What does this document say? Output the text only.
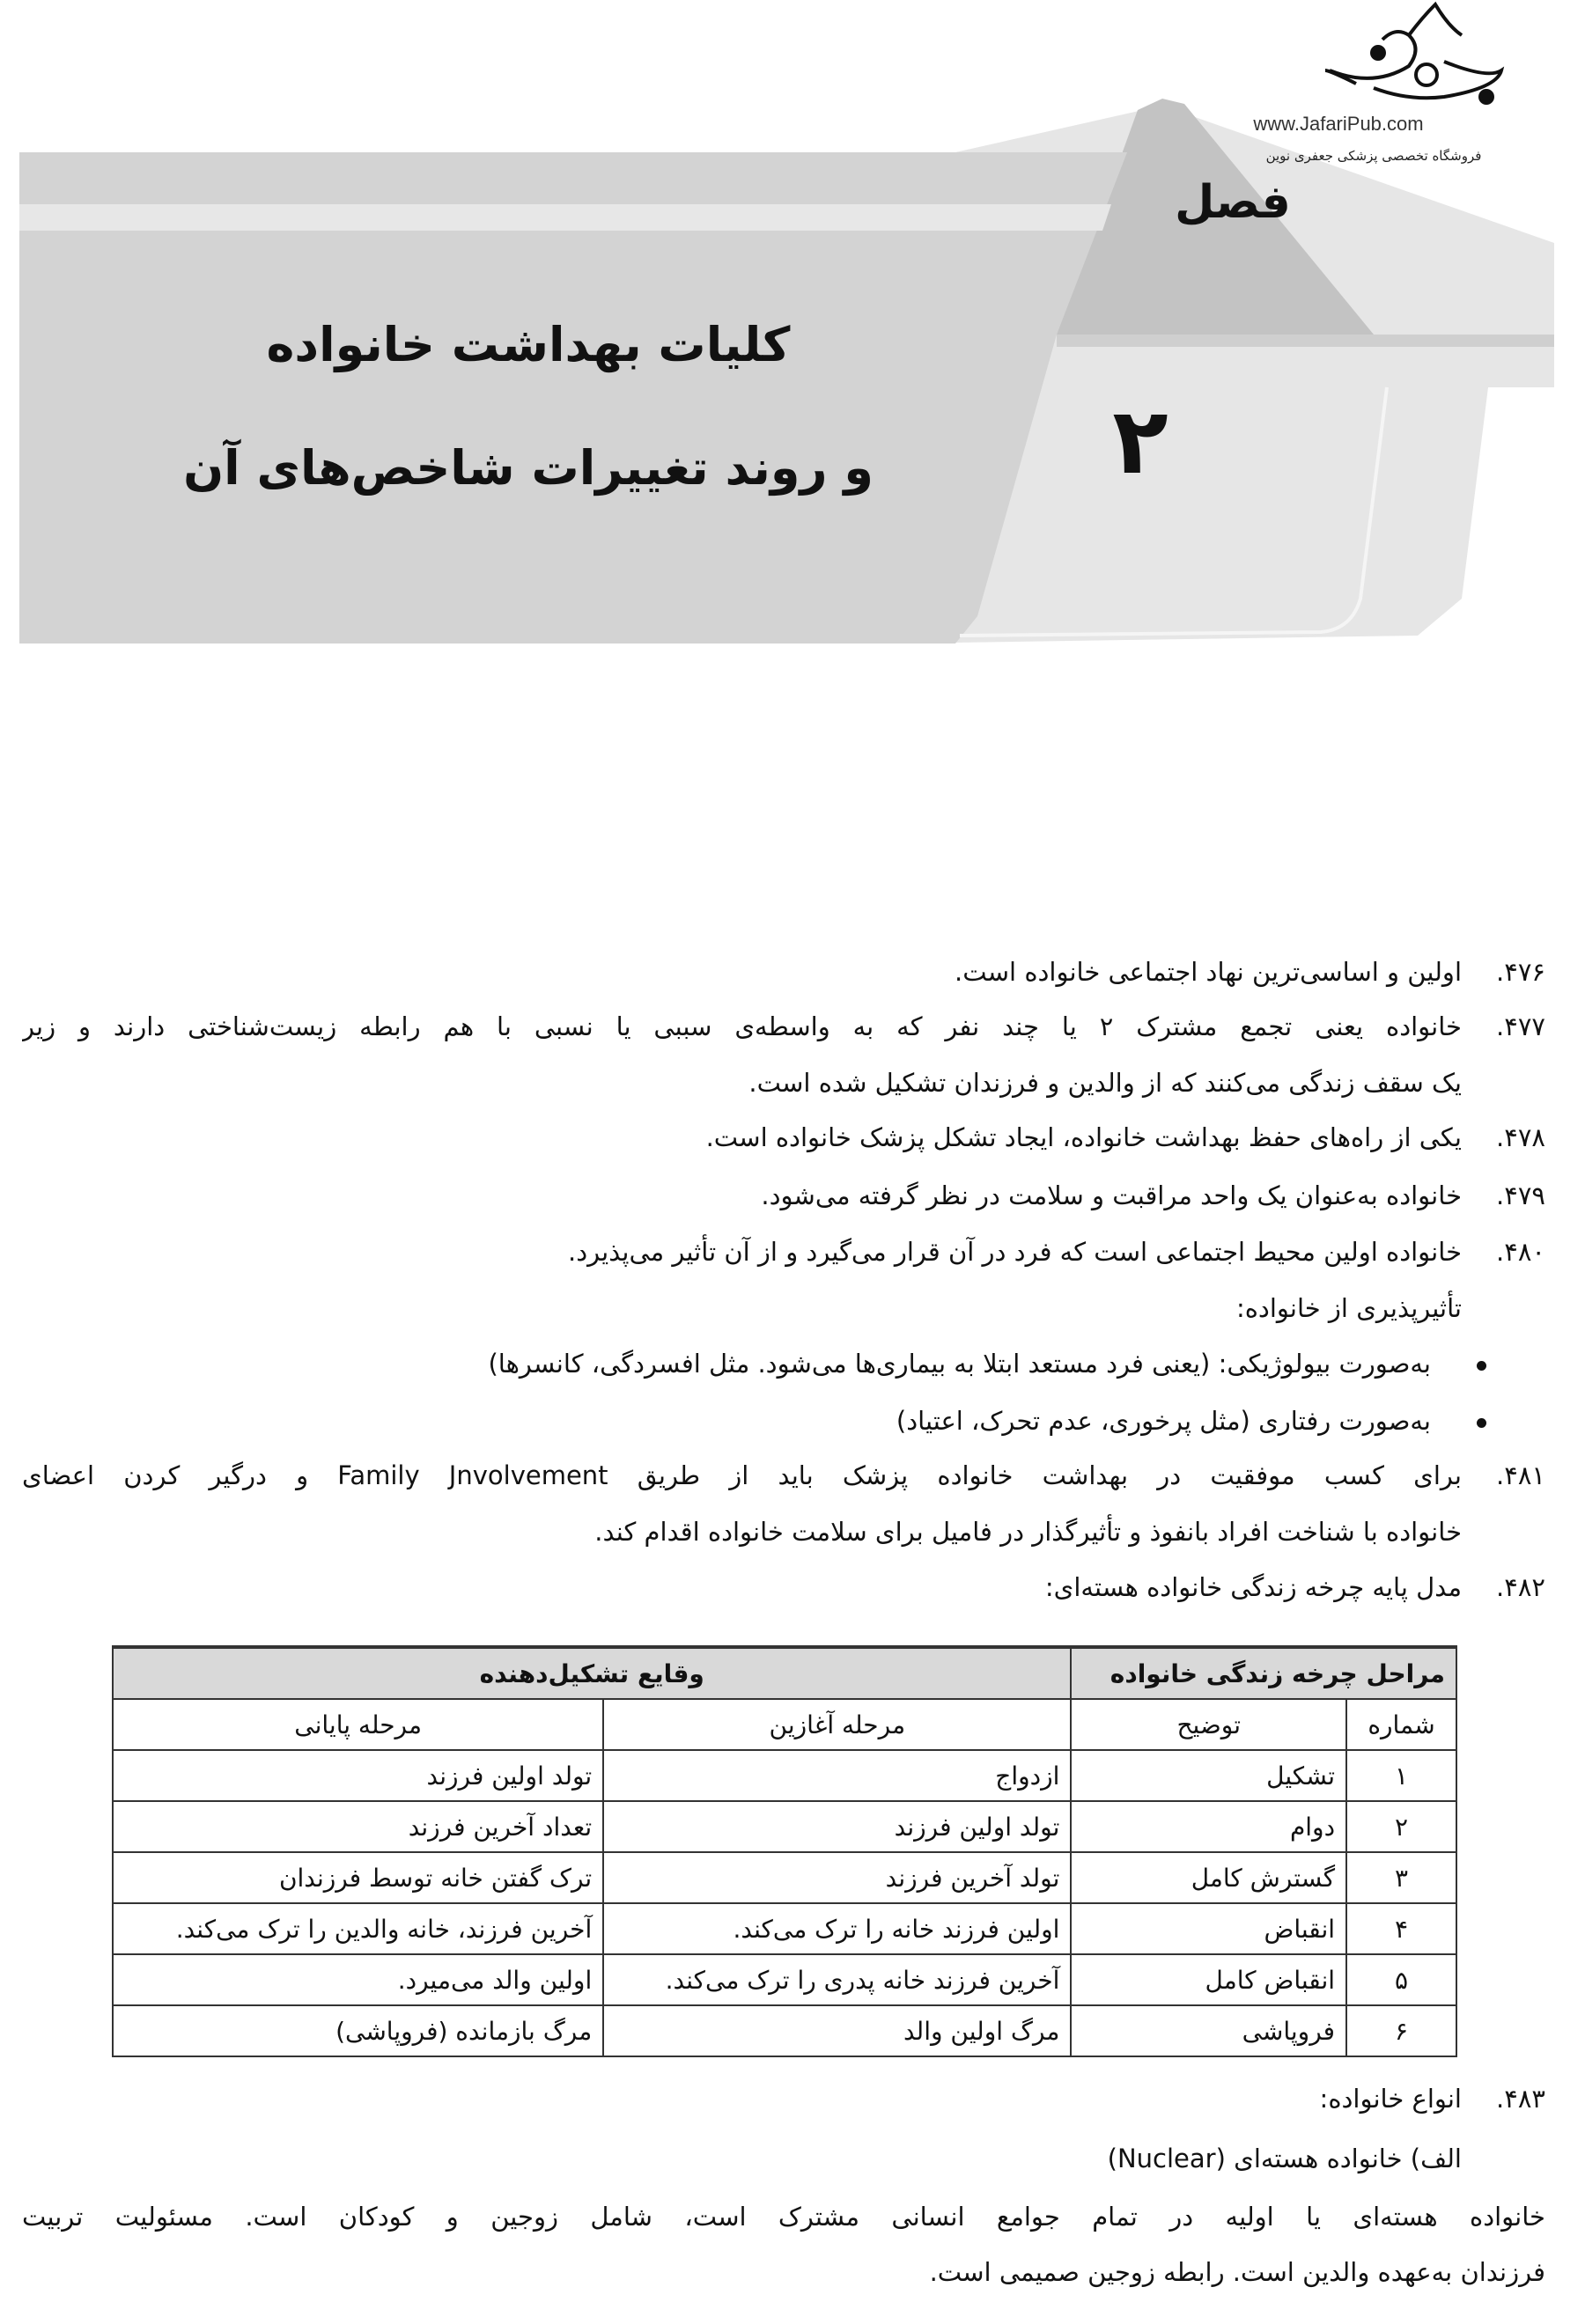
www.JafariPub.com
فروشگاه تخصصی پزشکی جعفری نوین
فصل
۲
کلیات بهداشت خانواده
و روند تغییرات شاخص‌های آن
۴۷۶.
اولین و اساسی‌ترین نهاد اجتماعی خانواده است.
۴۷۷.
خانواده یعنی تجمع مشترک ۲ یا چند نفر که به واسطه‌ی سببی یا نسبی با هم رابطه زیست‌شناختی دارند و زیر
یک سقف زندگی می‌کنند که از والدین و فرزندان تشکیل شده است.
۴۷۸.
یکی از راه‌های حفظ بهداشت خانواده، ایجاد تشکل پزشک خانواده است.
۴۷۹.
خانواده به‌عنوان یک واحد مراقبت و سلامت در نظر گرفته می‌شود.
۴۸۰.
خانواده اولین محیط اجتماعی است که فرد در آن قرار می‌گیرد و از آن تأثیر می‌پذیرد.
تأثیرپذیری از خانواده:
به‌صورت بیولوژیکی: (یعنی فرد مستعد ابتلا به بیماری‌ها می‌شود. مثل افسردگی، کانسرها)
به‌صورت رفتاری (مثل پرخوری، عدم تحرک، اعتیاد)
۴۸۱.
برای کسب موفقیت در بهداشت خانواده پزشک باید از طریق Family Jnvolvement و درگیر کردن اعضای
خانواده با شناخت افراد بانفوذ و تأثیرگذار در فامیل برای سلامت خانواده اقدام کند.
۴۸۲.
مدل پایه چرخه زندگی خانواده هسته‌ای:
مراحل چرخه زندگی خانواده		وقایع تشکیل‌دهنده	
شماره	توضیح	مرحله آغازین	مرحله پایانی
۱	تشکیل	ازدواج	تولد اولین فرزند
۲	دوام	تولد اولین فرزند	تعداد آخرین فرزند
۳	گسترش کامل	تولد آخرین فرزند	ترک گفتن خانه توسط فرزندان
۴	انقباض	اولین فرزند خانه را ترک می‌کند.	آخرین فرزند، خانه والدین را ترک می‌کند.
۵	انقباض کامل	آخرین فرزند خانه پدری را ترک می‌کند.	اولین والد می‌میرد.
۶	فروپاشی	مرگ اولین والد	مرگ بازمانده (فروپاشی)
۴۸۳.
انواع خانواده:
الف) خانواده هسته‌ای (Nuclear)
خانواده هسته‌ای یا اولیه در تمام جوامع انسانی مشترک است، شامل زوجین و کودکان است. مسئولیت تربیت
فرزندان به‌عهده والدین است. رابطه زوجین صمیمی است.
